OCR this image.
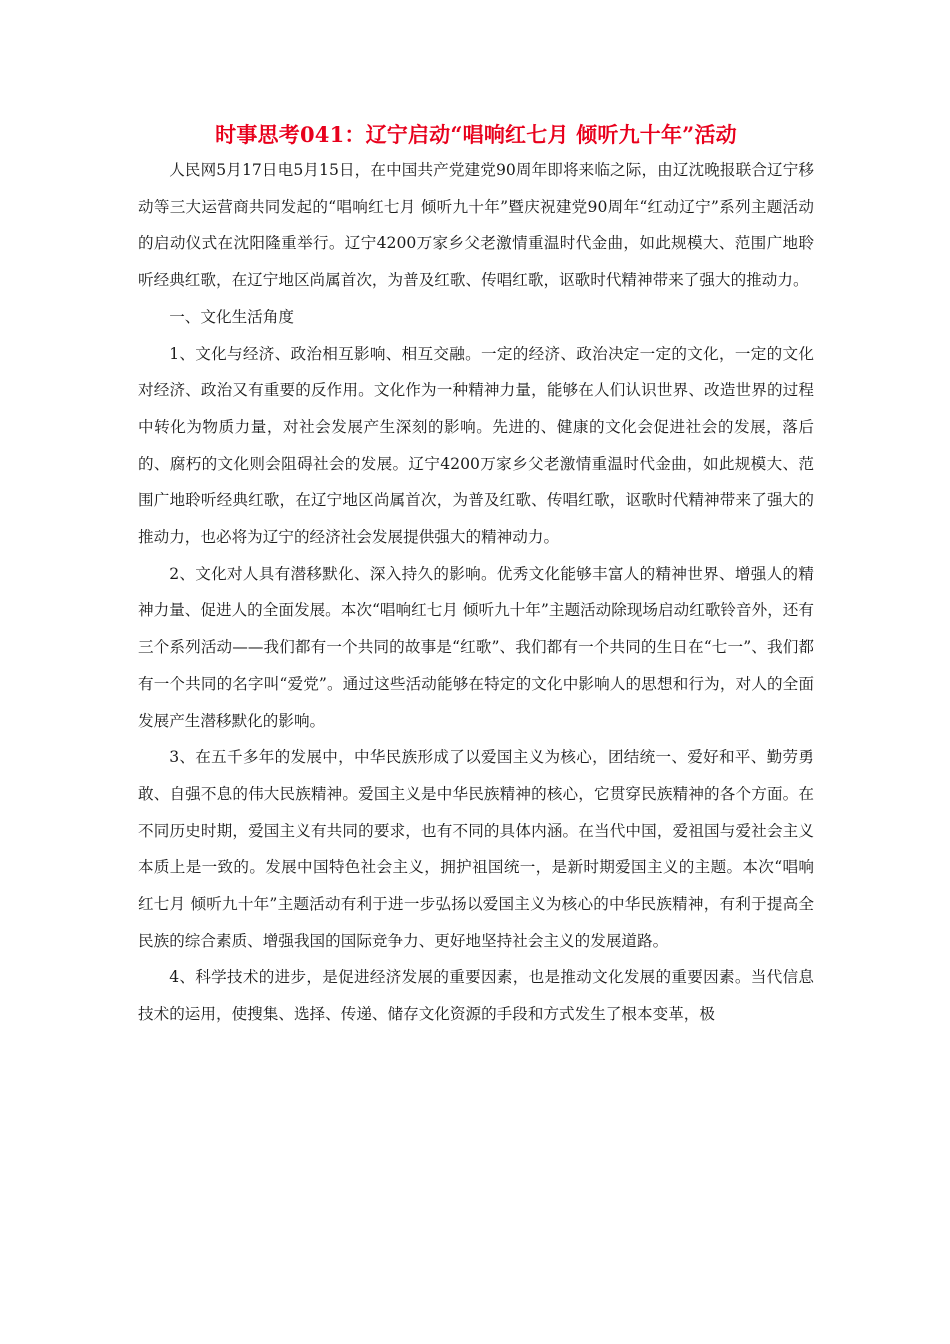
时事思考041：辽宁启动“唱响红七月 倾听九十年”活动

人民网5月17日电5月15日，在中国共产党建党90周年即将来临之际，由辽沈晚报联合辽宁移动等三大运营商共同发起的“唱响红七月 倾听九十年”暨庆祝建党90周年“红动辽宁”系列主题活动的启动仪式在沈阳隆重举行。辽宁4200万家乡父老激情重温时代金曲，如此规模大、范围广地聆听经典红歌，在辽宁地区尚属首次，为普及红歌、传唱红歌，讴歌时代精神带来了强大的推动力。

一、文化生活角度

1、文化与经济、政治相互影响、相互交融。一定的经济、政治决定一定的文化，一定的文化对经济、政治又有重要的反作用。文化作为一种精神力量，能够在人们认识世界、改造世界的过程中转化为物质力量，对社会发展产生深刻的影响。先进的、健康的文化会促进社会的发展，落后的、腐朽的文化则会阻碍社会的发展。辽宁4200万家乡父老激情重温时代金曲，如此规模大、范围广地聆听经典红歌，在辽宁地区尚属首次，为普及红歌、传唱红歌，讴歌时代精神带来了强大的推动力，也必将为辽宁的经济社会发展提供强大的精神动力。

2、文化对人具有潜移默化、深入持久的影响。优秀文化能够丰富人的精神世界、增强人的精神力量、促进人的全面发展。本次“唱响红七月 倾听九十年”主题活动除现场启动红歌铃音外，还有三个系列活动——我们都有一个共同的故事是“红歌”、我们都有一个共同的生日在“七一”、我们都有一个共同的名字叫“爱党”。通过这些活动能够在特定的文化中影响人的思想和行为，对人的全面发展产生潜移默化的影响。

3、在五千多年的发展中，中华民族形成了以爱国主义为核心，团结统一、爱好和平、勤劳勇敢、自强不息的伟大民族精神。爱国主义是中华民族精神的核心，它贯穿民族精神的各个方面。在不同历史时期，爱国主义有共同的要求，也有不同的具体内涵。在当代中国，爱祖国与爱社会主义本质上是一致的。发展中国特色社会主义，拥护祖国统一，是新时期爱国主义的主题。本次“唱响红七月 倾听九十年”主题活动有利于进一步弘扬以爱国主义为核心的中华民族精神，有利于提高全民族的综合素质、增强我国的国际竞争力、更好地坚持社会主义的发展道路。

4、科学技术的进步，是促进经济发展的重要因素，也是推动文化发展的重要因素。当代信息技术的运用，使搜集、选择、传递、储存文化资源的手段和方式发生了根本变革，极
